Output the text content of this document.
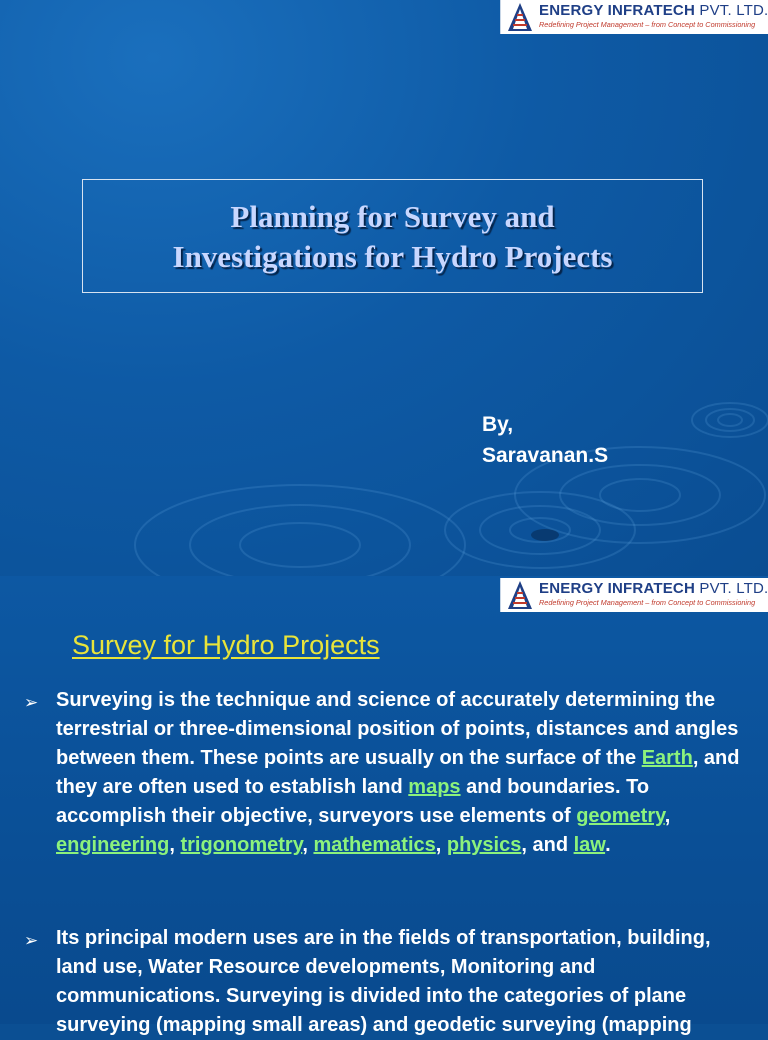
ENERGY INFRATECH PVT. LTD.
Redefining Project Management – from Concept to Commissioning
Planning for Survey and
Investigations for Hydro Projects
By,
Saravanan.S
ENERGY INFRATECH PVT. LTD.
Redefining Project Management – from Concept to Commissioning
Survey for Hydro Projects
➢ Surveying is the technique and science of accurately determining the terrestrial or three-dimensional position of points, distances and angles between them. These points are usually on the surface of the Earth, and they are often used to establish land maps and boundaries. To accomplish their objective, surveyors use elements of geometry, engineering, trigonometry, mathematics, physics, and law.

➢ Its principal modern uses are in the fields of transportation, building, land use, Water Resource developments, Monitoring and communications. Surveying is divided into the categories of plane surveying (mapping small areas) and geodetic surveying (mapping
